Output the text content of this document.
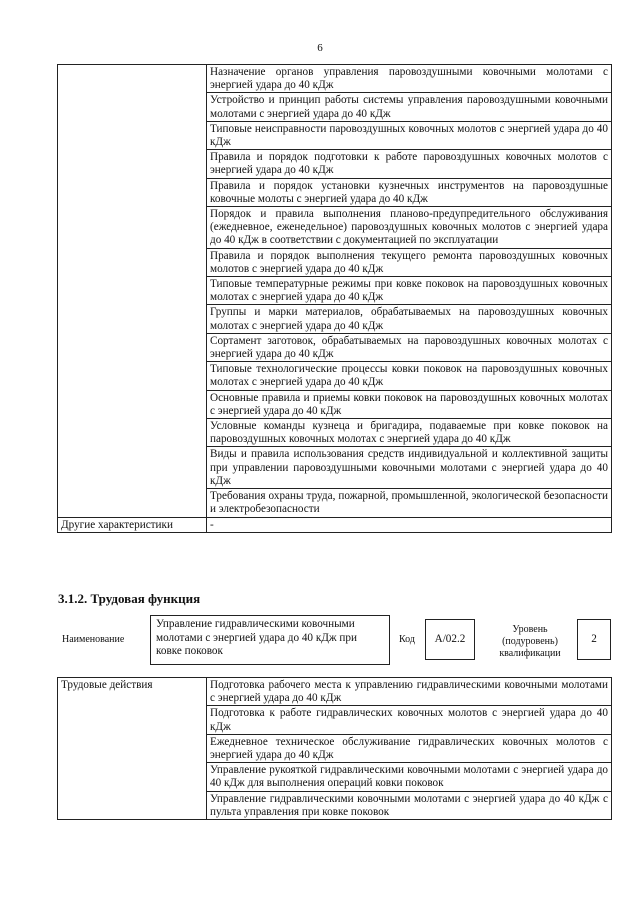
6
	Назначение органов управления паровоздушными ковочными молотами с энергией удара до 40 кДж
	Устройство и принцип работы системы управления паровоздушными ковочными молотами с энергией удара до 40 кДж
	Типовые неисправности паровоздушных ковочных молотов с энергией удара до 40 кДж
	Правила и порядок подготовки к работе паровоздушных ковочных молотов с энергией удара до 40 кДж
	Правила и порядок установки кузнечных инструментов на паровоздушные ковочные молоты с энергией удара до 40 кДж
	Порядок и правила выполнения планово-предупредительного обслуживания (ежедневное, еженедельное) паровоздушных ковочных молотов с энергией удара до 40 кДж в соответствии с документацией по эксплуатации
	Правила и порядок выполнения текущего ремонта паровоздушных ковочных молотов с энергией удара до 40 кДж
	Типовые температурные режимы при ковке поковок на паровоздушных ковочных молотах с энергией удара до 40 кДж
	Группы и марки материалов, обрабатываемых на паровоздушных ковочных молотах с энергией удара до 40 кДж
	Сортамент заготовок, обрабатываемых на паровоздушных ковочных молотах с энергией удара до 40 кДж
	Типовые технологические процессы ковки поковок на паровоздушных ковочных молотах с энергией удара до 40 кДж
	Основные правила и приемы ковки поковок на паровоздушных ковочных молотах с энергией удара до 40 кДж
	Условные команды кузнеца и бригадира, подаваемые при ковке поковок на паровоздушных ковочных молотах с энергией удара до 40 кДж
	Виды и правила использования средств индивидуальной и коллективной защиты при управлении паровоздушными ковочными молотами с энергией удара до 40 кДж
	Требования охраны труда, пожарной, промышленной, экологической безопасности и электробезопасности
Другие характеристики	-
3.1.2. Трудовая функция
Наименование
Управление гидравлическими ковочными молотами с энергией удара до 40 кДж при ковке поковок
Код	A/02.2
Уровень (подуровень) квалификации
2
Трудовые действия	Подготовка рабочего места к управлению гидравлическими ковочными молотами с энергией удара до 40 кДж
Подготовка к работе гидравлических ковочных молотов с энергией удара до 40 кДж
Ежедневное техническое обслуживание гидравлических ковочных молотов с энергией удара до 40 кДж
Управление рукояткой гидравлическими ковочными молотами с энергией удара до 40 кДж для выполнения операций ковки поковок
Управление гидравлическими ковочными молотами с энергией удара до 40 кДж с пульта управления при ковке поковок
